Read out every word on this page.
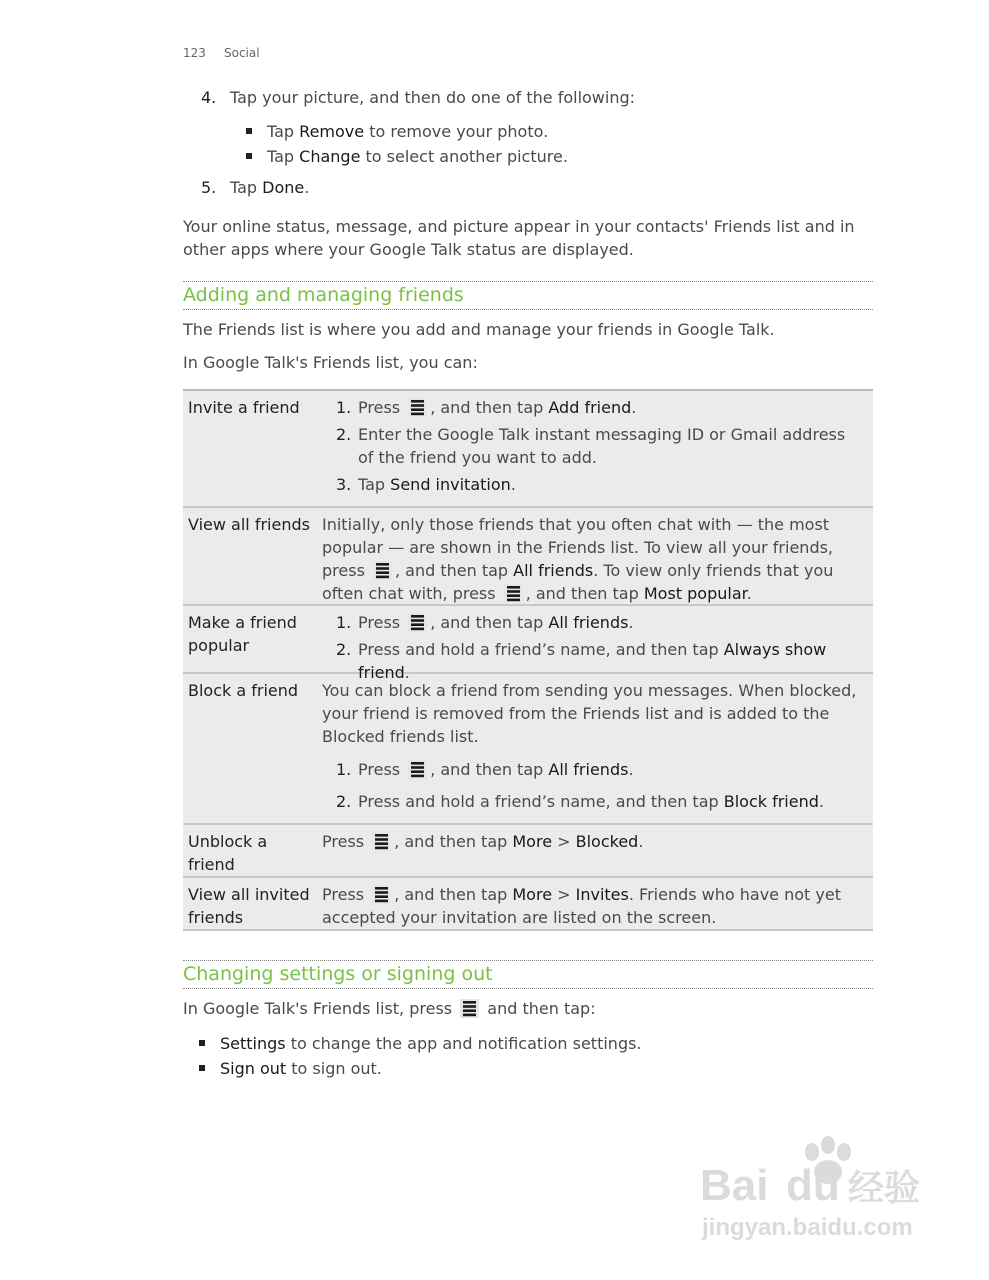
123 Social
4. Tap your picture, and then do one of the following:
Tap Remove to remove your photo.
Tap Change to select another picture.
5. Tap Done.
Your online status, message, and picture appear in your contacts' Friends list and in other apps where your Google Talk status are displayed.
Adding and managing friends
The Friends list is where you add and manage your friends in Google Talk.
In Google Talk's Friends list, you can:
Invite a friend	1. Press , and then tap Add friend.
2. Enter the Google Talk instant messaging ID or Gmail address of the friend you want to add.
3. Tap Send invitation.
View all friends Initially, only those friends that you often chat with — the most popular — are shown in the Friends list. To view all your friends, press , and then tap All friends. To view only friends that you often chat with, press , and then tap Most popular.
Make a friend popular
1. Press , and then tap All friends.
2. Press and hold a friend’s name, and then tap Always show friend.
Block a friend	You can block a friend from sending you messages. When blocked, your friend is removed from the Friends list and is added to the Blocked friends list.
1. Press , and then tap All friends.
2. Press and hold a friend’s name, and then tap Block friend.
Unblock a friend
Press , and then tap More > Blocked.
View all invited friends
Press , and then tap More > Invites. Friends who have not yet accepted your invitation are listed on the screen.
Changing settings or signing out
In Google Talk's Friends list, press  and then tap:
Settings to change the app and notification settings.
Sign out to sign out.
Bai du 经验
jingyan.baidu.com
